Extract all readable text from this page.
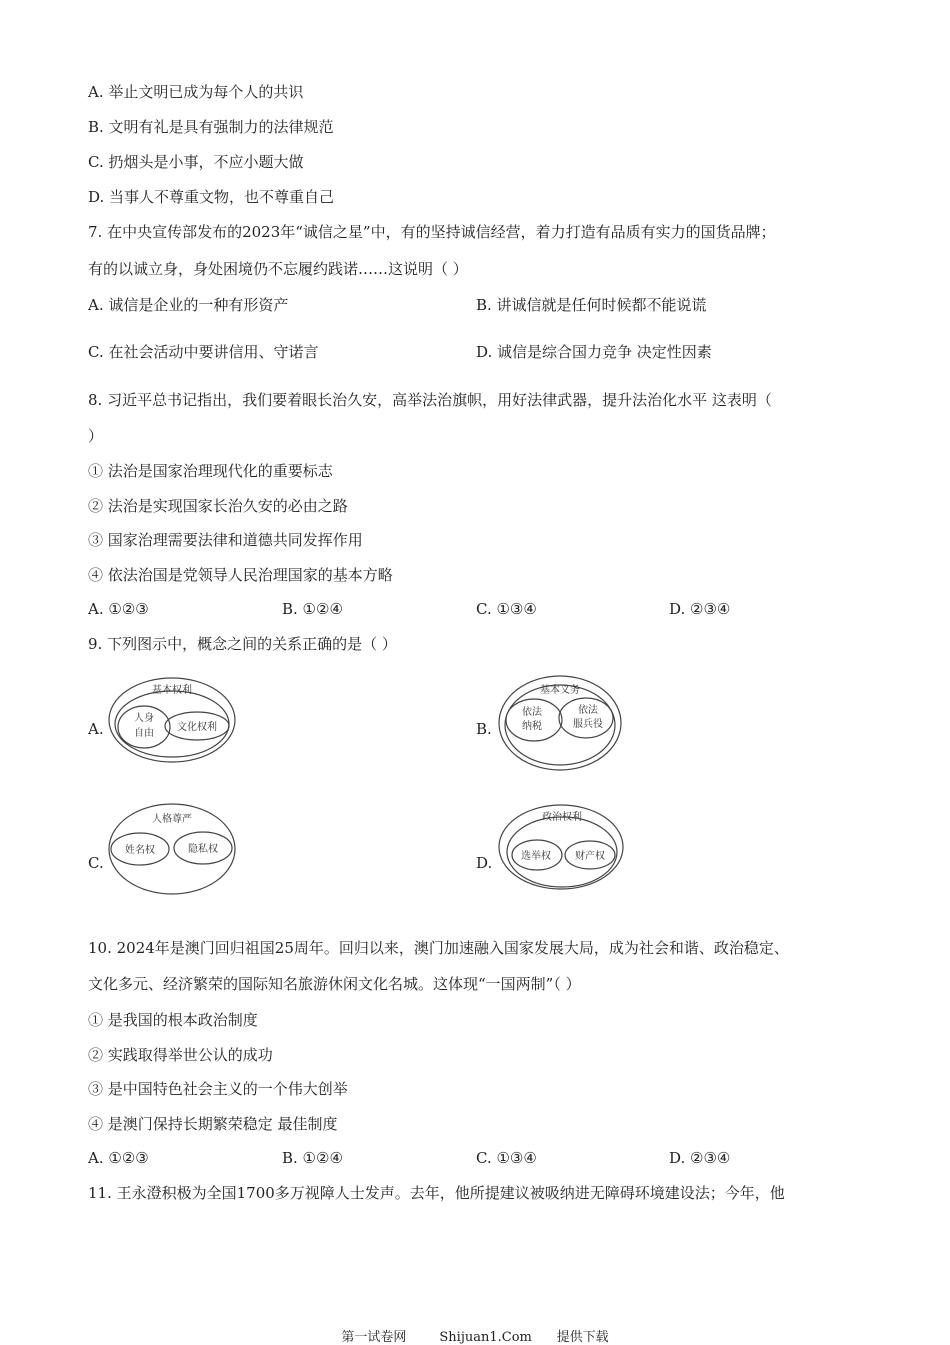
A. 举止文明已成为每个人的共识
B. 文明有礼是具有强制力的法律规范
C. 扔烟头是小事，不应小题大做
D. 当事人不尊重文物，也不尊重自己
7. 在中央宣传部发布的2023年“诚信之星”中，有的坚持诚信经营，着力打造有品质有实力的国货品牌；
有的以诚立身，身处困境仍不忘履约践诺……这说明（ ）
A. 诚信是企业的一种有形资产	B. 讲诚信就是任何时候都不能说谎
C. 在社会活动中要讲信用、守诺言	D. 诚信是综合国力竞争 决定性因素
8. 习近平总书记指出，我们要着眼长治久安，高举法治旗帜，用好法律武器，提升法治化水平 这表明（
）
① 法治是国家治理现代化的重要标志
② 法治是实现国家长治久安的必由之路
③ 国家治理需要法律和道德共同发挥作用
④ 依法治国是党领导人民治理国家的基本方略
A. ①②③	B. ①②④	C. ①③④	D. ②③④
9. 下列图示中，概念之间的关系正确的是（ ）
A.
基本权利
人身
自由
文化权利	B.
基本义务
依法
纳税
依法
服兵役
C.
人格尊严
姓名权	隐私权
D.
政治权利
选举权 财产权
10. 2024年是澳门回归祖国25周年。回归以来，澳门加速融入国家发展大局，成为社会和谐、政治稳定、
文化多元、经济繁荣的国际知名旅游休闲文化名城。这体现“一国两制”（ ）
① 是我国的根本政治制度
② 实践取得举世公认的成功
③ 是中国特色社会主义的一个伟大创举
④ 是澳门保持长期繁荣稳定 最佳制度
A. ①②③	B. ①②④	C. ①③④	D. ②③④
11. 王永澄积极为全国1700多万视障人士发声。去年，他所提建议被吸纳进无障碍环境建设法；今年，他
第一试卷网        Shijuan1.Com      提供下载
